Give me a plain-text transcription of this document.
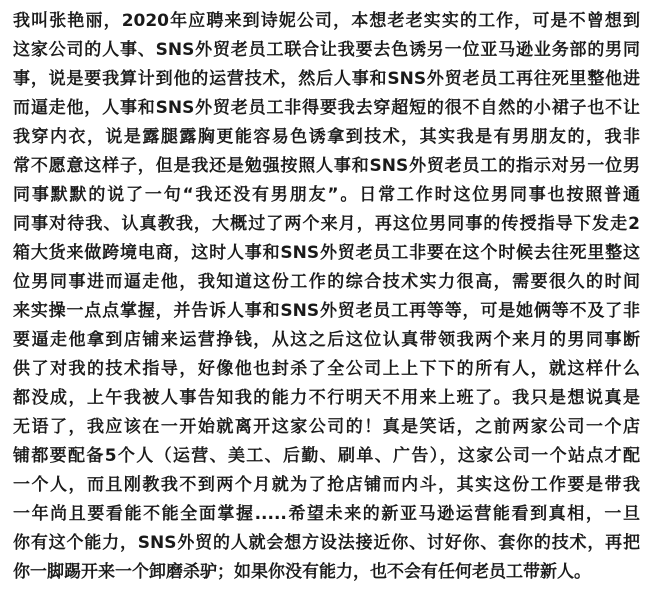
我叫张艳丽，2020年应聘来到诗妮公司，本想老老实实的工作，可是不曾想到
这家公司的人事、SNS外贸老员工联合让我要去色诱另一位亚马逊业务部的男同
事，说是要我算计到他的运营技术，然后人事和SNS外贸老员工再往死里整他进
而逼走他，人事和SNS外贸老员工非得要我去穿超短的很不自然的小裙子也不让
我穿内衣，说是露腿露胸更能容易色诱拿到技术，其实我是有男朋友的，我非
常不愿意这样子，但是我还是勉强按照人事和SNS外贸老员工的指示对另一位男
同事默默的说了一句“我还没有男朋友”。日常工作时这位男同事也按照普通
同事对待我、认真教我，大概过了两个来月，再这位男同事的传授指导下发走2
箱大货来做跨境电商，这时人事和SNS外贸老员工非要在这个时候去往死里整这
位男同事进而逼走他，我知道这份工作的综合技术实力很高，需要很久的时间
来实操一点点掌握，并告诉人事和SNS外贸老员工再等等，可是她俩等不及了非
要逼走他拿到店铺来运营挣钱，从这之后这位认真带领我两个来月的男同事断
供了对我的技术指导，好像他也封杀了全公司上上下下的所有人，就这样什么
都没成，上午我被人事告知我的能力不行明天不用来上班了。我只是想说真是
无语了，我应该在一开始就离开这家公司的！真是笑话，之前两家公司一个店
铺都要配备5个人（运营、美工、后勤、刷单、广告），这家公司一个站点才配
一个人，而且刚教我不到两个月就为了抢店铺而内斗，其实这份工作要是带我
一年尚且要看能不能全面掌握.....希望未来的新亚马逊运营能看到真相，一旦
你有这个能力，SNS外贸的人就会想方设法接近你、讨好你、套你的技术，再把
你一脚踢开来一个卸磨杀驴；如果你没有能力，也不会有任何老员工带新人。
